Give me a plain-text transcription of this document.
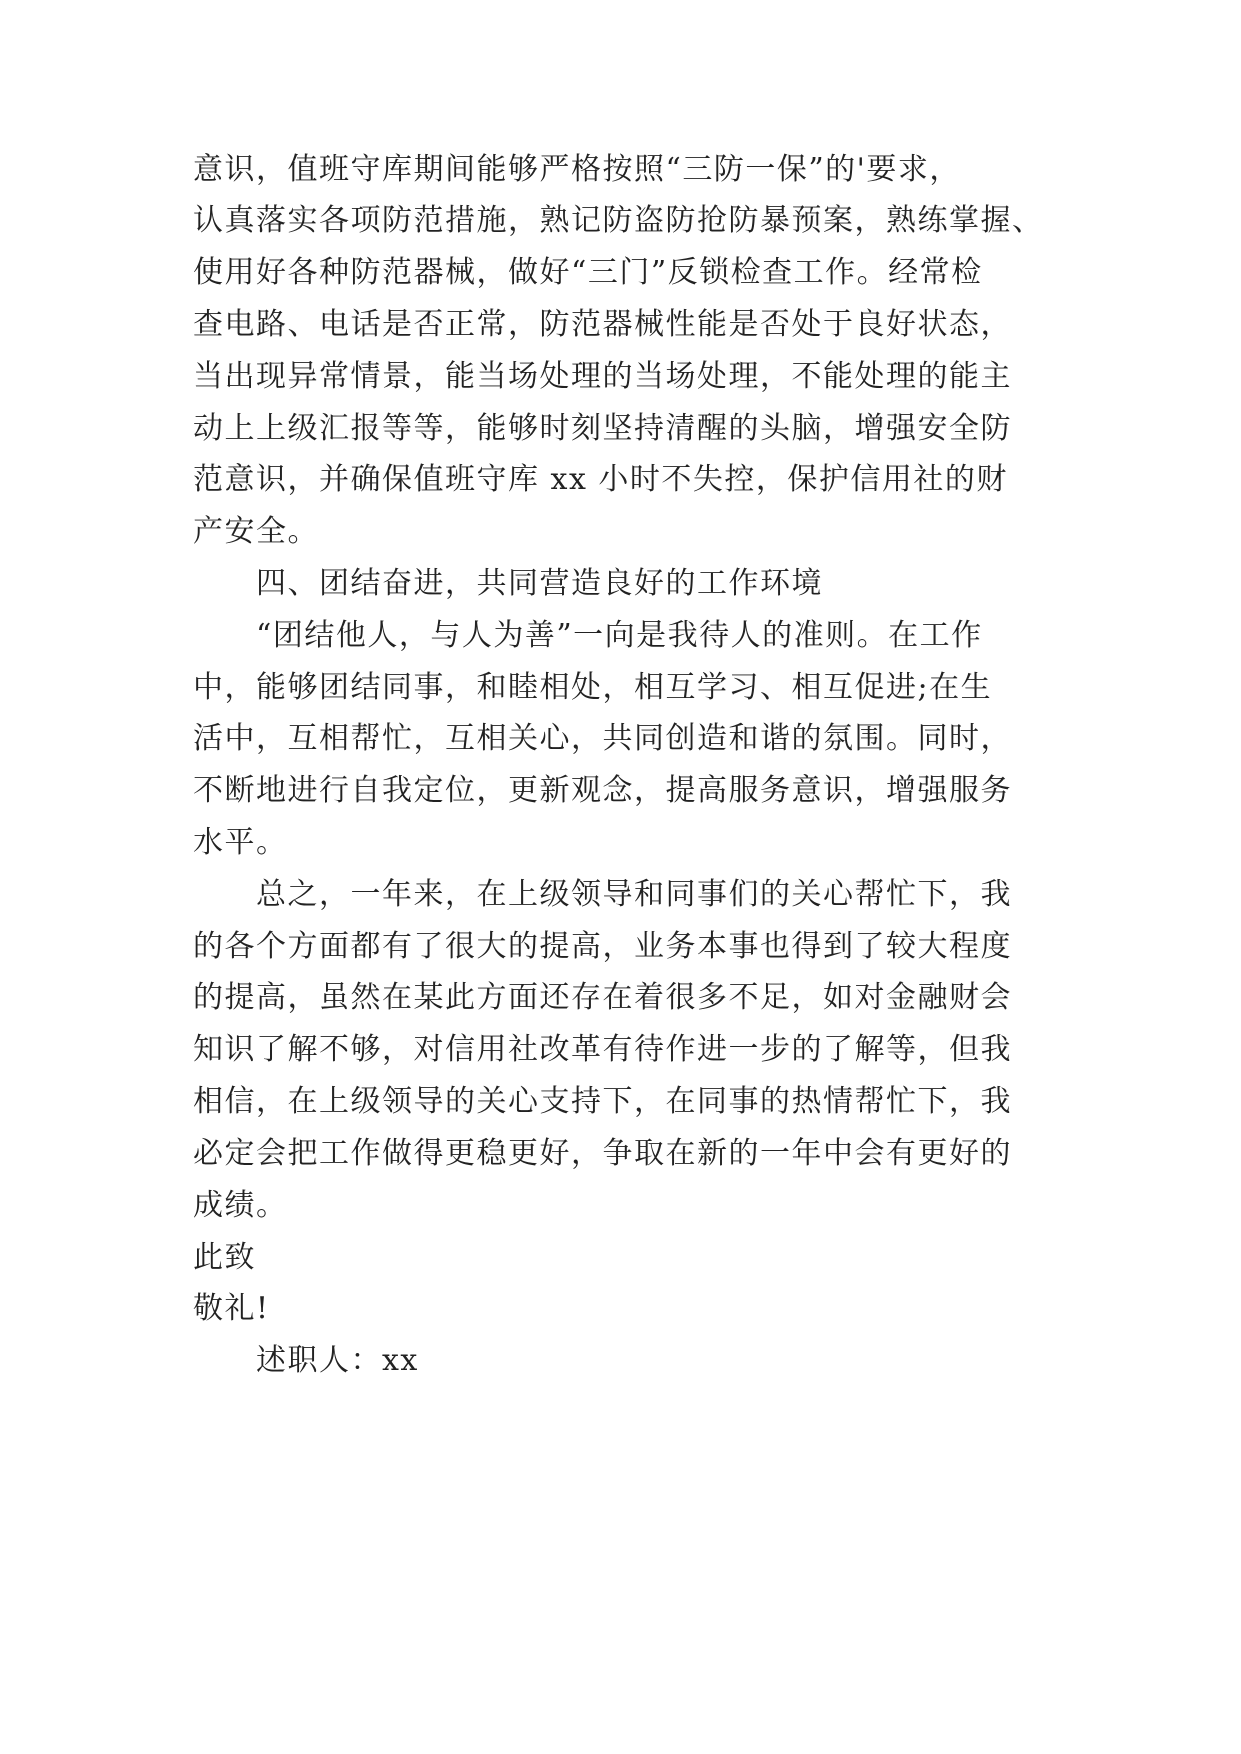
意识，值班守库期间能够严格按照“三防一保”的'要求，
认真落实各项防范措施，熟记防盗防抢防暴预案，熟练掌握、
使用好各种防范器械，做好“三门”反锁检查工作。经常检
查电路、电话是否正常，防范器械性能是否处于良好状态，
当出现异常情景，能当场处理的当场处理，不能处理的能主
动上上级汇报等等，能够时刻坚持清醒的头脑，增强安全防
范意识，并确保值班守库 xx 小时不失控，保护信用社的财
产安全。
四、团结奋进，共同营造良好的工作环境
“团结他人，与人为善”一向是我待人的准则。在工作
中，能够团结同事，和睦相处，相互学习、相互促进;在生
活中，互相帮忙，互相关心，共同创造和谐的氛围。同时，
不断地进行自我定位，更新观念，提高服务意识，增强服务
水平。
总之，一年来，在上级领导和同事们的关心帮忙下，我
的各个方面都有了很大的提高，业务本事也得到了较大程度
的提高，虽然在某此方面还存在着很多不足，如对金融财会
知识了解不够，对信用社改革有待作进一步的了解等，但我
相信，在上级领导的关心支持下，在同事的热情帮忙下，我
必定会把工作做得更稳更好，争取在新的一年中会有更好的
成绩。
此致
敬礼!
述职人：xx
